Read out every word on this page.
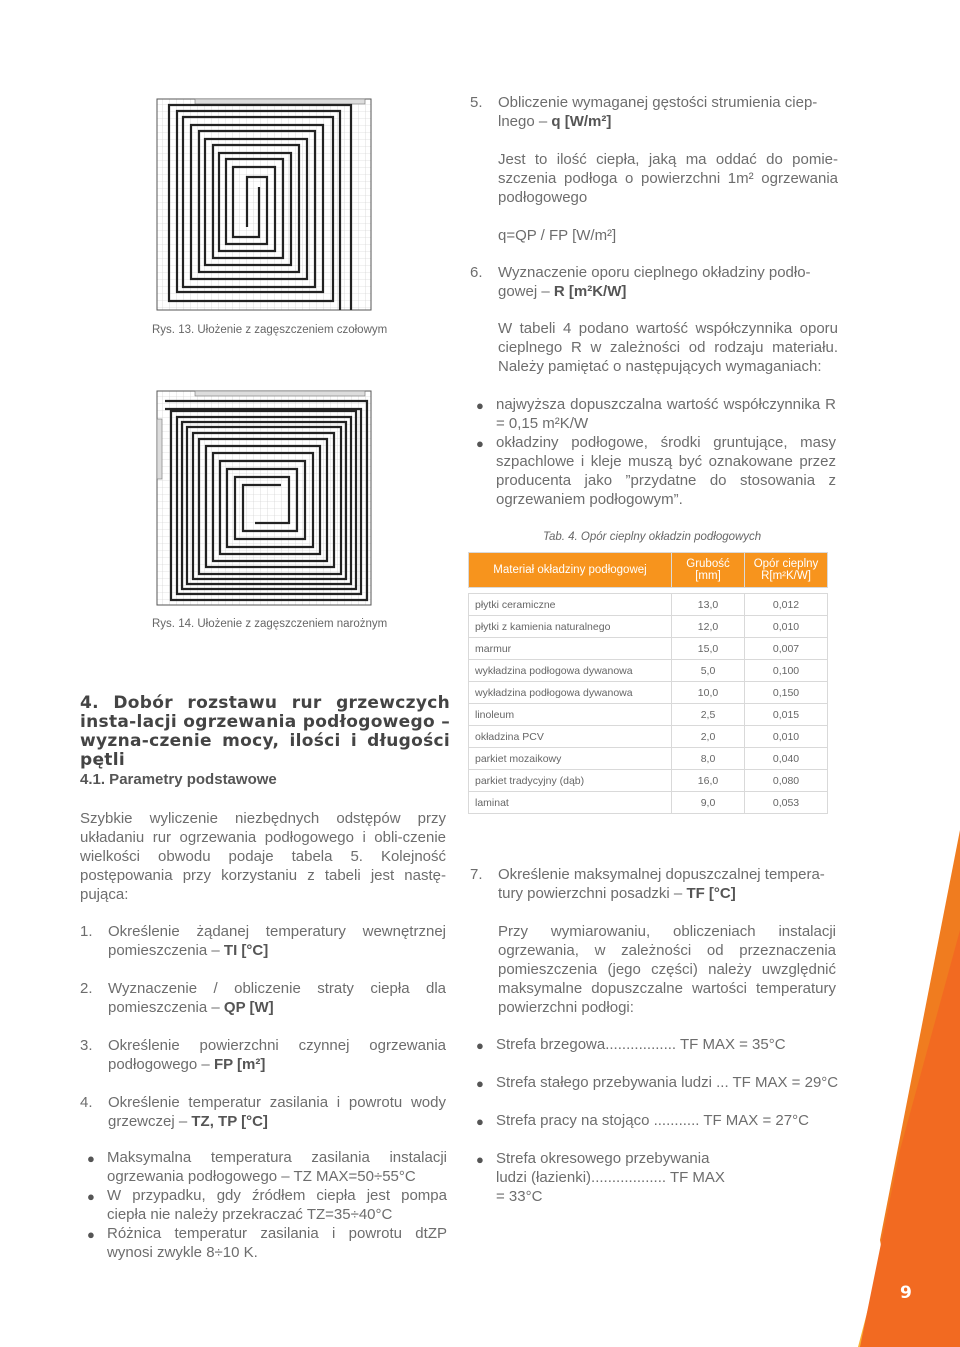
9
Rys. 13. Ułożenie z zagęszczeniem czołowym
Rys. 14. Ułożenie z zagęszczeniem narożnym
5. Obliczenie wymaganej gęstości strumienia ciep-lnego – q [W/m²]
Jest to ilość ciepła, jaką ma oddać do pomie-szczenia podłoga o powierzchni 1m² ogrzewania podłogowego
q=QP / FP [W/m²]
6. Wyznaczenie oporu cieplnego okładziny podło-gowej – R [m²K/W]
W tabeli 4 podano wartość współczynnika oporu cieplnego R w zależności od rodzaju materiału. Należy pamiętać o następujących wymaganiach:
● najwyższa dopuszczalna wartość współczynnika R = 0,15 m²K/W
● okładziny podłogowe, środki gruntujące, masy szpachlowe i kleje muszą być oznakowane przez producenta jako ”przydatne do stosowania z ogrzewaniem podłogowym”.
Tab. 4. Opór cieplny okładzin podłogowych
Materiał okładziny podłogowej	Grubość [mm]	Opór cieplny R[m²K/W]

płytki ceramiczne	13,0	0,012
płytki z kamienia naturalnego	12,0	0,010
marmur	15,0	0,007
wykładzina podłogowa dywanowa	5,0	0,100
wykładzina podłogowa dywanowa	10,0	0,150
linoleum	2,5	0,015
okładzina PCV	2,0	0,010
parkiet mozaikowy	8,0	0,040
parkiet tradycyjny (dąb)	16,0	0,080
laminat	9,0	0,053
4. Dobór rozstawu rur grzewczych insta-lacji ogrzewania podłogowego – wyzna-czenie mocy, ilości i długości pętli
4.1. Parametry podstawowe
Szybkie wyliczenie niezbędnych odstępów przy układaniu rur ogrzewania podłogowego i obli-czenie wielkości obwodu podaje tabela 5. Kolejność postępowania przy korzystaniu z tabeli jest nastę-pująca:
1. Określenie żądanej temperatury wewnętrznej pomieszczenia – TI [°C]
2. Wyznaczenie / obliczenie straty ciepła dla pomieszczenia – QP [W]
3. Określenie powierzchni czynnej ogrzewania podłogowego – FP [m²]
4. Określenie temperatur zasilania i powrotu wody grzewczej – TZ, TP [°C]
● Maksymalna temperatura zasilania instalacji ogrzewania podłogowego – TZ MAX=50÷55°C
● W przypadku, gdy źródłem ciepła jest pompa ciepła nie należy przekraczać TZ=35÷40°C
● Różnica temperatur zasilania i powrotu dtZP wynosi zwykle 8÷10 K.
7. Określenie maksymalnej dopuszczalnej tempera-tury powierzchni posadzki – TF [°C]
Przy wymiarowaniu, obliczeniach instalacji ogrzewania, w zależności od przeznaczenia pomieszczenia (jego części) należy uwzględnić maksymalne dopuszczalne wartości temperatury powierzchni podłogi:
● Strefa brzegowa................. TF MAX = 35°C
● Strefa stałego przebywania ludzi ... TF MAX = 29°C
● Strefa pracy na stojąco ........... TF MAX = 27°C
● Strefa okresowego przebywania ludzi (łazienki).................. TF MAX = 33°C
